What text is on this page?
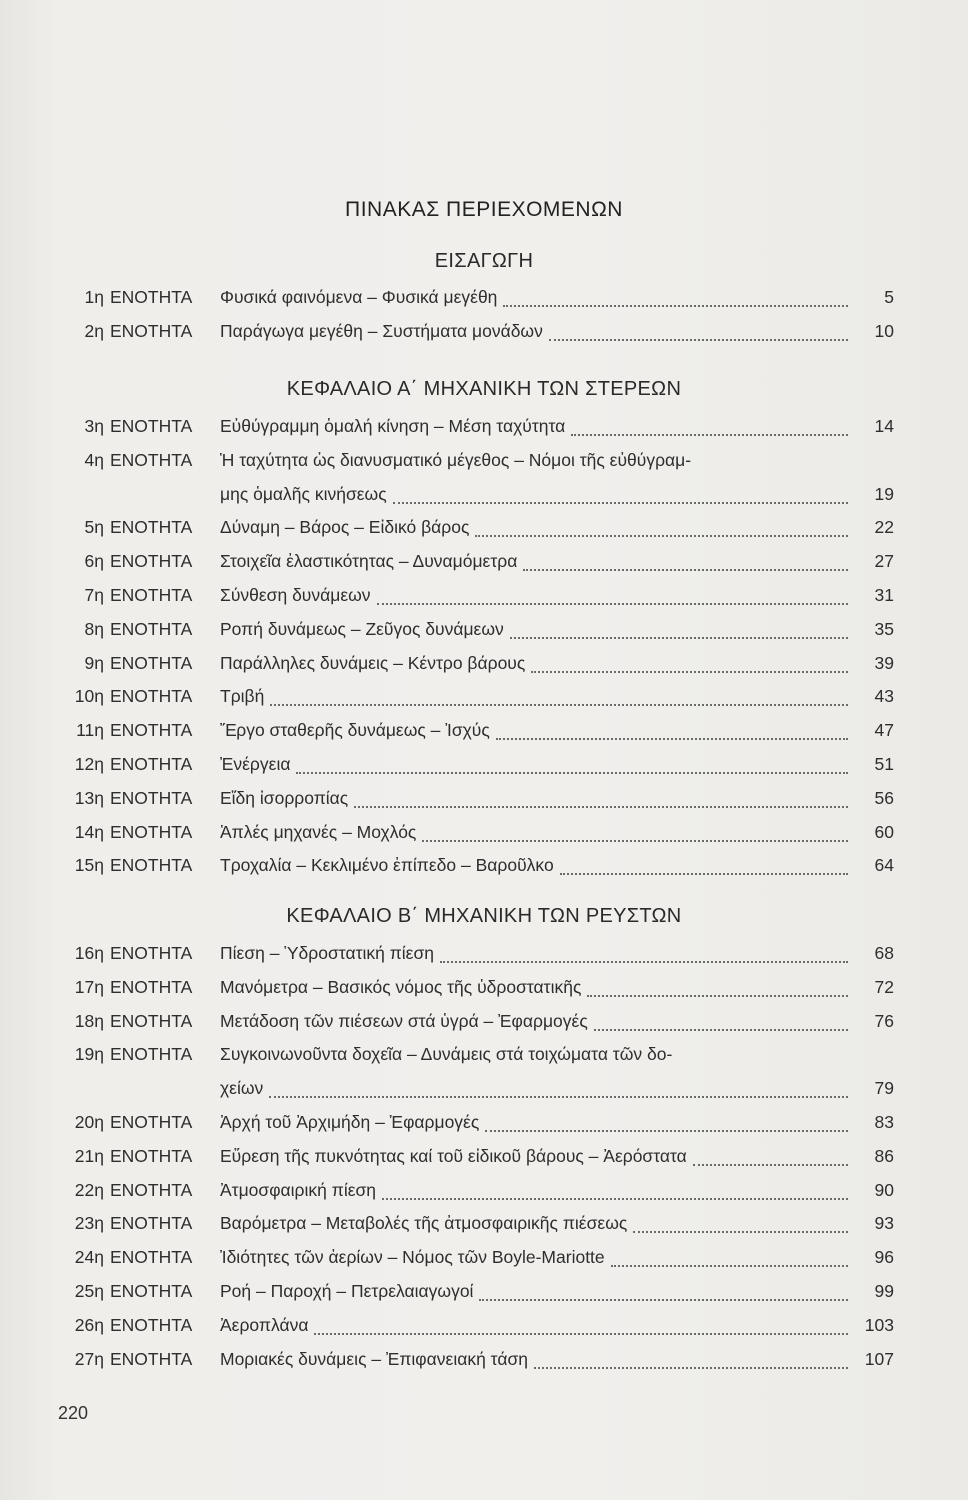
ΠΙΝΑΚΑΣ ΠΕΡΙΕΧΟΜΕΝΩΝ
ΕΙΣΑΓΩΓΗ
1η ΕΝΟΤΗΤΑ Φυσικά φαινόμενα – Φυσικά μεγέθη	5
2η ΕΝΟΤΗΤΑ Παράγωγα μεγέθη – Συστήματα μονάδων	10
ΚΕΦΑΛΑΙΟ Α΄ ΜΗΧΑΝΙΚΗ ΤΩΝ ΣΤΕΡΕΩΝ
3η ΕΝΟΤΗΤΑ Εὐθύγραμμη ὁμαλή κίνηση – Μέση ταχύτητα	14
4η ΕΝΟΤΗΤΑ Ἡ ταχύτητα ὡς διανυσματικό μέγεθος – Νόμοι τῆς εὐθύγραμ-
μης ὁμαλῆς κινήσεως	19
5η ΕΝΟΤΗΤΑ Δύναμη – Βάρος – Εἰδικό βάρος	22
6η ΕΝΟΤΗΤΑ Στοιχεῖα ἐλαστικότητας – Δυναμόμετρα	27
7η ΕΝΟΤΗΤΑ Σύνθεση δυνάμεων	31
8η ΕΝΟΤΗΤΑ Ροπή δυνάμεως – Ζεῦγος δυνάμεων	35
9η ΕΝΟΤΗΤΑ Παράλληλες δυνάμεις – Κέντρο βάρους	39
10η ΕΝΟΤΗΤΑ Τριβή	43
11η ΕΝΟΤΗΤΑ Ἔργο σταθερῆς δυνάμεως – Ἰσχύς	47
12η ΕΝΟΤΗΤΑ Ἐνέργεια	51
13η ΕΝΟΤΗΤΑ Εἴδη ἰσορροπίας	56
14η ΕΝΟΤΗΤΑ Ἁπλές μηχανές – Μοχλός	60
15η ΕΝΟΤΗΤΑ Τροχαλία – Κεκλιμένο ἐπίπεδο – Βαροῦλκο	64
ΚΕΦΑΛΑΙΟ Β΄ ΜΗΧΑΝΙΚΗ ΤΩΝ ΡΕΥΣΤΩΝ
16η ΕΝΟΤΗΤΑ Πίεση – Ὑδροστατική πίεση	68
17η ΕΝΟΤΗΤΑ Μανόμετρα – Βασικός νόμος τῆς ὑδροστατικῆς	72
18η ΕΝΟΤΗΤΑ Μετάδοση τῶν πιέσεων στά ὑγρά – Ἐφαρμογές	76
19η ΕΝΟΤΗΤΑ Συγκοινωνοῦντα δοχεῖα – Δυνάμεις στά τοιχώματα τῶν δο-
χείων	79
20η ΕΝΟΤΗΤΑ Ἀρχή τοῦ Ἀρχιμήδη – Ἐφαρμογές	83
21η ΕΝΟΤΗΤΑ Εὕρεση τῆς πυκνότητας καί τοῦ εἰδικοῦ βάρους – Ἀερόστατα	86
22η ΕΝΟΤΗΤΑ Ἀτμοσφαιρική πίεση	90
23η ΕΝΟΤΗΤΑ Βαρόμετρα – Μεταβολές τῆς ἀτμοσφαιρικῆς πιέσεως	93
24η ΕΝΟΤΗΤΑ Ἰδιότητες τῶν ἀερίων – Νόμος τῶν Boyle-Mariotte	96
25η ΕΝΟΤΗΤΑ Ροή – Παροχή – Πετρελαιαγωγοί	99
26η ΕΝΟΤΗΤΑ Ἀεροπλάνα	103
27η ΕΝΟΤΗΤΑ Μοριακές δυνάμεις – Ἐπιφανειακή τάση	107
220
